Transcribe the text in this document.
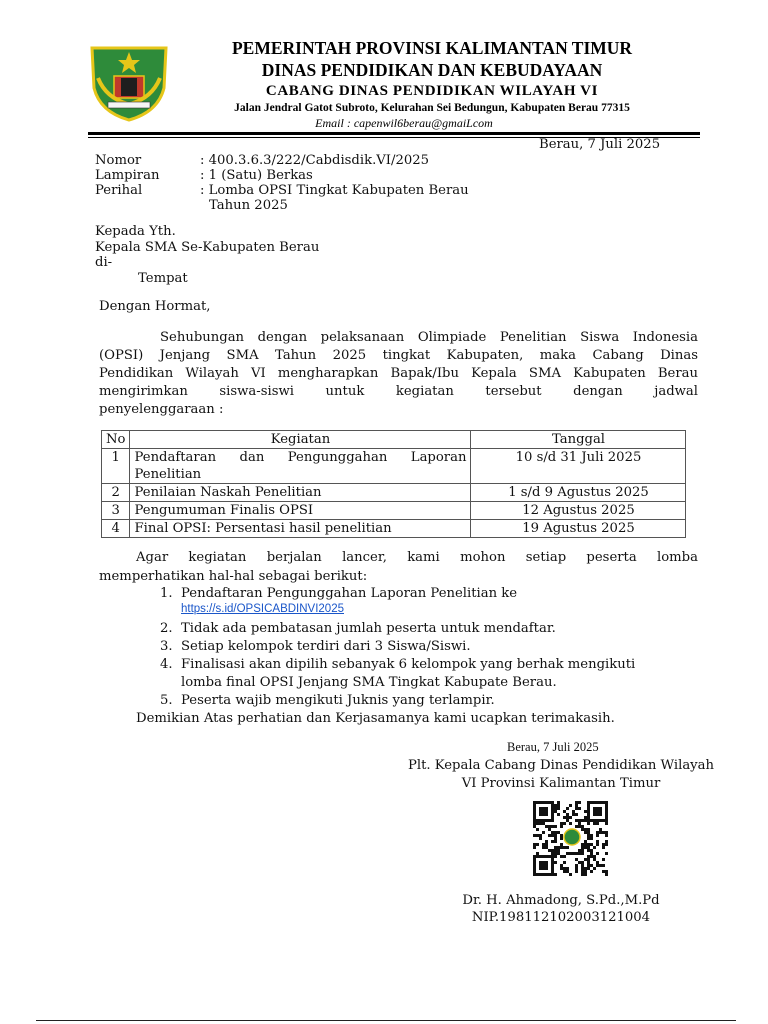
PEMERINTAH PROVINSI KALIMANTAN TIMUR
DINAS PENDIDIKAN DAN KEBUDAYAAN
CABANG DINAS PENDIDIKAN WILAYAH VI
Jalan Jendral Gatot Subroto, Kelurahan Sei Bedungun, Kabupaten Berau 77315
Email : capenwil6berau@gmaiLcom
Berau, 7 Juli 2025
Nomor	: 400.3.6.3/222/Cabdisdik.VI/2025
Lampiran	: 1 (Satu) Berkas
Perihal	: Lomba OPSI Tingkat Kabupaten Berau
Tahun 2025
Kepada Yth.
Kepala SMA Se-Kabupaten Berau
di-
Tempat
Dengan Hormat,
Sehubungan dengan pelaksanaan Olimpiade Penelitian Siswa Indonesia
(OPSI) Jenjang SMA Tahun 2025 tingkat Kabupaten, maka Cabang Dinas
Pendidikan Wilayah VI mengharapkan Bapak/Ibu Kepala SMA Kabupaten Berau
mengirimkan siswa-siswi untuk kegiatan tersebut dengan jadwal
penyelenggaraan :
No	Kegiatan	Tanggal
1	Pendaftaran dan Pengunggahan Laporan
Penelitian	10 s/d 31 Juli 2025
2	Penilaian Naskah Penelitian	1 s/d 9 Agustus 2025
3	Pengumuman Finalis OPSI	12 Agustus 2025
4	Final OPSI: Persentasi hasil penelitian	19 Agustus 2025
Agar kegiatan berjalan lancer, kami mohon setiap peserta lomba
memperhatikan hal-hal sebagai berikut:
1. Pendaftaran Pengunggahan Laporan Penelitian ke
https://s.id/OPSICABDINVI2025
2. Tidak ada pembatasan jumlah peserta untuk mendaftar.
3. Setiap kelompok terdiri dari 3 Siswa/Siswi.
4. Finalisasi akan dipilih sebanyak 6 kelompok yang berhak mengikuti
lomba final OPSI Jenjang SMA Tingkat Kabupate Berau.
5. Peserta wajib mengikuti Juknis yang terlampir.
Demikian Atas perhatian dan Kerjasamanya kami ucapkan terimakasih.
Berau, 7 Juli 2025
Plt. Kepala Cabang Dinas Pendidikan Wilayah
VI Provinsi Kalimantan Timur
Dr. H. Ahmadong, S.Pd.,M.Pd
NIP.198112102003121004
